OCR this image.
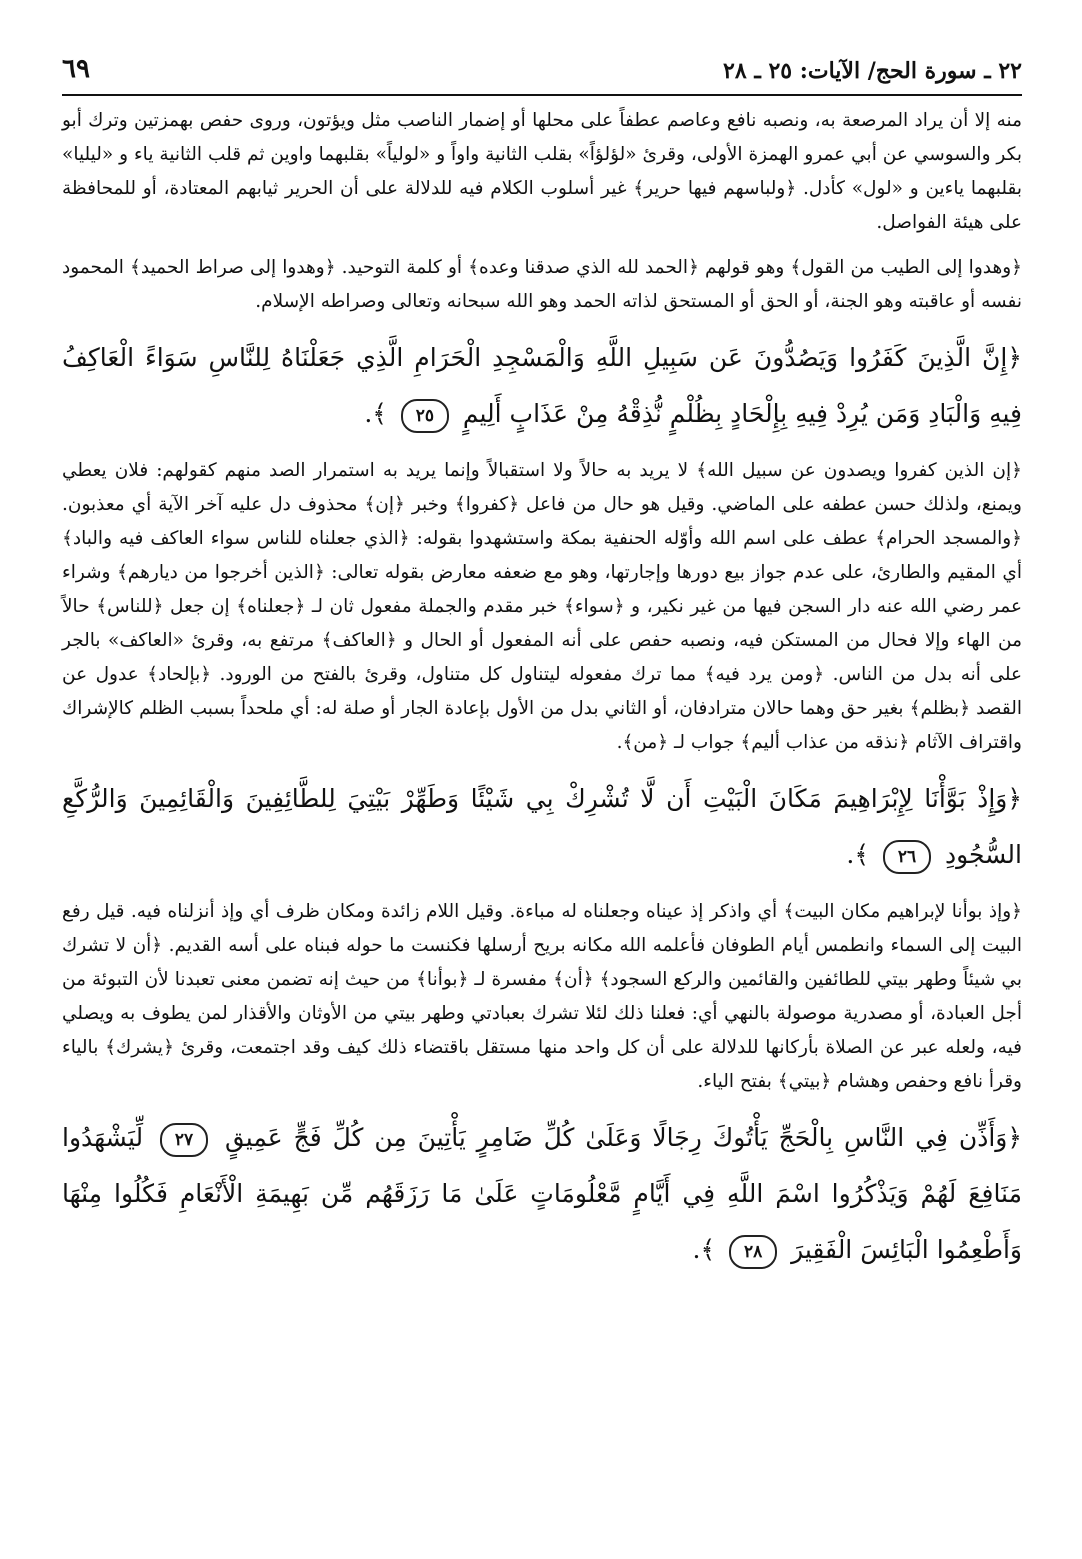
٢٢ ـ سورة الحج/ الآيات: ٢٥ ـ ٢٨
٦٩

منه إلا أن يراد المرصعة به، ونصبه نافع وعاصم عطفاً على محلها أو إضمار الناصب مثل ويؤتون، وروى حفص بهمزتين وترك أبو بكر والسوسي عن أبي عمرو الهمزة الأولى، وقرئ «لؤلؤاً» بقلب الثانية واواً و «لولياً» بقلبهما واوين ثم قلب الثانية ياء و «ليليا» بقلبهما ياءين و «لول» كأدل. ﴿ولباسهم فيها حرير﴾ غير أسلوب الكلام فيه للدلالة على أن الحرير ثيابهم المعتادة، أو للمحافظة على هيئة الفواصل.

﴿وهدوا إلى الطيب من القول﴾ وهو قولهم ﴿الحمد لله الذي صدقنا وعده﴾ أو كلمة التوحيد. ﴿وهدوا إلى صراط الحميد﴾ المحمود نفسه أو عاقبته وهو الجنة، أو الحق أو المستحق لذاته الحمد وهو الله سبحانه وتعالى وصراطه الإسلام.

﴿إِنَّ الَّذِينَ كَفَرُوا وَيَصُدُّونَ عَن سَبِيلِ اللَّهِ وَالْمَسْجِدِ الْحَرَامِ الَّذِي جَعَلْنَاهُ لِلنَّاسِ سَوَاءً الْعَاكِفُ فِيهِ وَالْبَادِ وَمَن يُرِدْ فِيهِ بِإِلْحَادٍ بِظُلْمٍ نُّذِقْهُ مِنْ عَذَابٍ أَلِيمٍ ٢٥ ﴾.

﴿إن الذين كفروا ويصدون عن سبيل الله﴾ لا يريد به حالاً ولا استقبالاً وإنما يريد به استمرار الصد منهم كقولهم: فلان يعطي ويمنع، ولذلك حسن عطفه على الماضي. وقيل هو حال من فاعل ﴿كفروا﴾ وخبر ﴿إن﴾ محذوف دل عليه آخر الآية أي معذبون. ﴿والمسجد الحرام﴾ عطف على اسم الله وأوّله الحنفية بمكة واستشهدوا بقوله: ﴿الذي جعلناه للناس سواء العاكف فيه والباد﴾ أي المقيم والطارئ، على عدم جواز بيع دورها وإجارتها، وهو مع ضعفه معارض بقوله تعالى: ﴿الذين أخرجوا من ديارهم﴾ وشراء عمر رضي الله عنه دار السجن فيها من غير نكير، و ﴿سواء﴾ خبر مقدم والجملة مفعول ثان لـ ﴿جعلناه﴾ إن جعل ﴿للناس﴾ حالاً من الهاء وإلا فحال من المستكن فيه، ونصبه حفص على أنه المفعول أو الحال و ﴿العاكف﴾ مرتفع به، وقرئ «العاكف» بالجر على أنه بدل من الناس. ﴿ومن يرد فيه﴾ مما ترك مفعوله ليتناول كل متناول، وقرئ بالفتح من الورود. ﴿بإلحاد﴾ عدول عن القصد ﴿بظلم﴾ بغير حق وهما حالان مترادفان، أو الثاني بدل من الأول بإعادة الجار أو صلة له: أي ملحداً بسبب الظلم كالإشراك واقتراف الآثام ﴿نذقه من عذاب أليم﴾ جواب لـ ﴿من﴾.

﴿وَإِذْ بَوَّأْنَا لِإِبْرَاهِيمَ مَكَانَ الْبَيْتِ أَن لَّا تُشْرِكْ بِي شَيْئًا وَطَهِّرْ بَيْتِيَ لِلطَّائِفِينَ وَالْقَائِمِينَ وَالرُّكَّعِ السُّجُودِ ٢٦ ﴾.

﴿وإذ بوأنا لإبراهيم مكان البيت﴾ أي واذكر إذ عيناه وجعلناه له مباءة. وقيل اللام زائدة ومكان ظرف أي وإذ أنزلناه فيه. قيل رفع البيت إلى السماء وانطمس أيام الطوفان فأعلمه الله مكانه بريح أرسلها فكنست ما حوله فبناه على أسه القديم. ﴿أن لا تشرك بي شيئاً وطهر بيتي للطائفين والقائمين والركع السجود﴾ ﴿أن﴾ مفسرة لـ ﴿بوأنا﴾ من حيث إنه تضمن معنى تعبدنا لأن التبوئة من أجل العبادة، أو مصدرية موصولة بالنهي أي: فعلنا ذلك لئلا تشرك بعبادتي وطهر بيتي من الأوثان والأقذار لمن يطوف به ويصلي فيه، ولعله عبر عن الصلاة بأركانها للدلالة على أن كل واحد منها مستقل باقتضاء ذلك كيف وقد اجتمعت، وقرئ ﴿يشرك﴾ بالياء وقرأ نافع وحفص وهشام ﴿بيتي﴾ بفتح الياء.

﴿وَأَذِّن فِي النَّاسِ بِالْحَجِّ يَأْتُوكَ رِجَالًا وَعَلَىٰ كُلِّ ضَامِرٍ يَأْتِينَ مِن كُلِّ فَجٍّ عَمِيقٍ ٢٧ لِّيَشْهَدُوا مَنَافِعَ لَهُمْ وَيَذْكُرُوا اسْمَ اللَّهِ فِي أَيَّامٍ مَّعْلُومَاتٍ عَلَىٰ مَا رَزَقَهُم مِّن بَهِيمَةِ الْأَنْعَامِ فَكُلُوا مِنْهَا وَأَطْعِمُوا الْبَائِسَ الْفَقِيرَ ٢٨ ﴾.
